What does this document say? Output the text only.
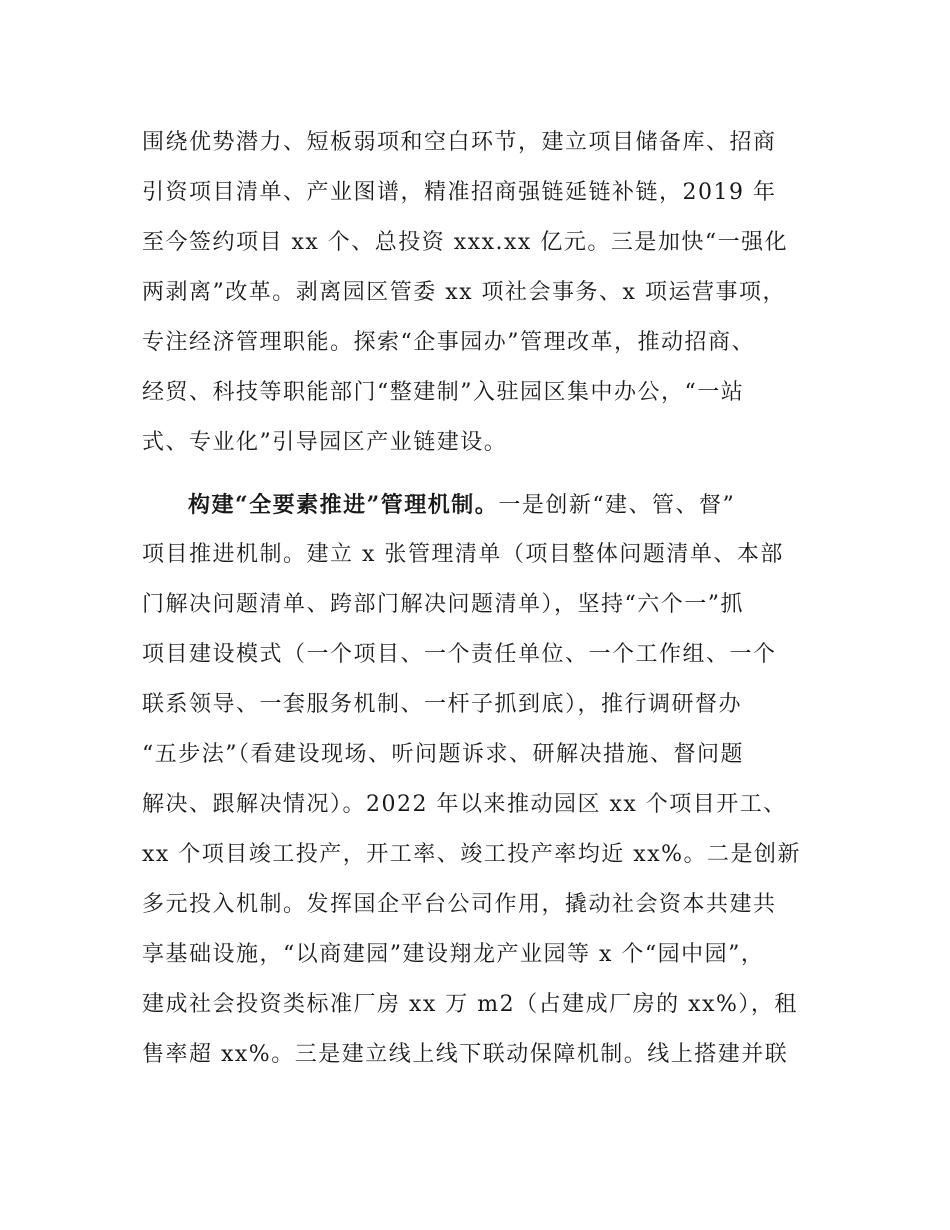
围绕优势潜力、短板弱项和空白环节，建立项目储备库、招商
引资项目清单、产业图谱，精准招商强链延链补链，2019 年
至今签约项目 xx 个、总投资 xxx.xx 亿元。三是加快“一强化
两剥离”改革。剥离园区管委 xx 项社会事务、x 项运营事项，
专注经济管理职能。探索“企事园办”管理改革，推动招商、
经贸、科技等职能部门“整建制”入驻园区集中办公，“一站
式、专业化”引导园区产业链建设。
构建“全要素推进”管理机制。一是创新“建、管、督”
项目推进机制。建立 x 张管理清单（项目整体问题清单、本部
门解决问题清单、跨部门解决问题清单），坚持“六个一”抓
项目建设模式（一个项目、一个责任单位、一个工作组、一个
联系领导、一套服务机制、一杆子抓到底），推行调研督办
“五步法”（看建设现场、听问题诉求、研解决措施、督问题
解决、跟解决情况）。2022 年以来推动园区 xx 个项目开工、
xx 个项目竣工投产，开工率、竣工投产率均近 xx%。二是创新
多元投入机制。发挥国企平台公司作用，撬动社会资本共建共
享基础设施，“以商建园”建设翔龙产业园等 x 个“园中园”，
建成社会投资类标准厂房 xx 万 m2（占建成厂房的 xx%），租
售率超 xx%。三是建立线上线下联动保障机制。线上搭建并联
